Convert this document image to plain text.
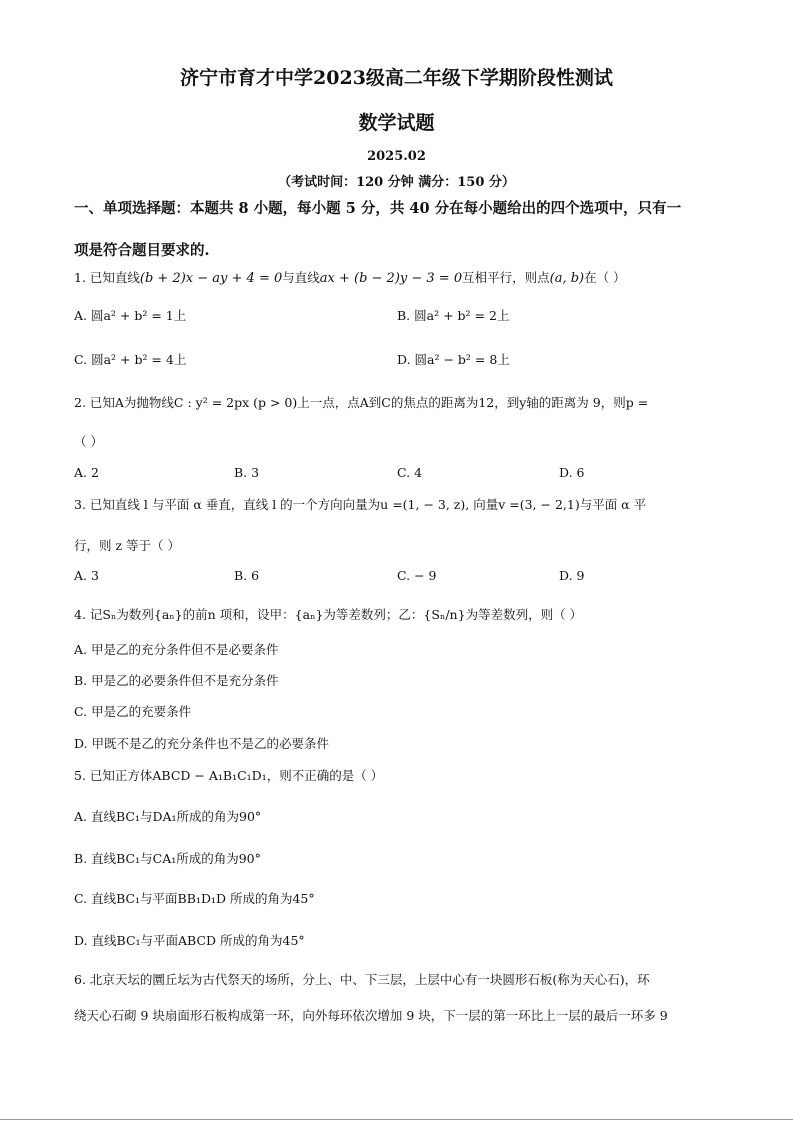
济宁市育才中学2023级高二年级下学期阶段性测试
数学试题
2025.02
（考试时间：120 分钟 满分：150 分）
一、单项选择题：本题共 8 小题，每小题 5 分，共 40 分在每小题给出的四个选项中，只有一
项是符合题目要求的.
1. 已知直线(b + 2)x − ay + 4 = 0与直线ax + (b − 2)y − 3 = 0互相平行，则点(a, b)在（ ）
A. 圆a² + b² = 1上	B. 圆a² + b² = 2上
C. 圆a² + b² = 4上	D. 圆a² − b² = 8上
2. 已知A为抛物线C : y² = 2px (p > 0)上一点，点A到C的焦点的距离为12，到y轴的距离为 9，则p =
（ ）
A. 2	B. 3	C. 4	D. 6
3. 已知直线 l 与平面 α 垂直，直线 l 的一个方向向量为u =(1, − 3, z), 向量v =(3, − 2,1)与平面 α 平
行，则 z 等于（ ）
A. 3	B. 6	C. − 9	D. 9
4. 记Sₙ为数列{aₙ}的前n 项和，设甲：{aₙ}为等差数列；乙：{Sₙ/n}为等差数列，则（ ）
A. 甲是乙的充分条件但不是必要条件
B. 甲是乙的必要条件但不是充分条件
C. 甲是乙的充要条件
D. 甲既不是乙的充分条件也不是乙的必要条件
5. 已知正方体ABCD − A₁B₁C₁D₁，则不正确的是（ ）
A. 直线BC₁与DA₁所成的角为90°
B. 直线BC₁与CA₁所成的角为90°
C. 直线BC₁与平面BB₁D₁D 所成的角为45°
D. 直线BC₁与平面ABCD 所成的角为45°
6. 北京天坛的圜丘坛为古代祭天的场所，分上、中、下三层，上层中心有一块圆形石板(称为天心石)，环
绕天心石砌 9 块扇面形石板构成第一环，向外每环依次增加 9 块，下一层的第一环比上一层的最后一环多 9
